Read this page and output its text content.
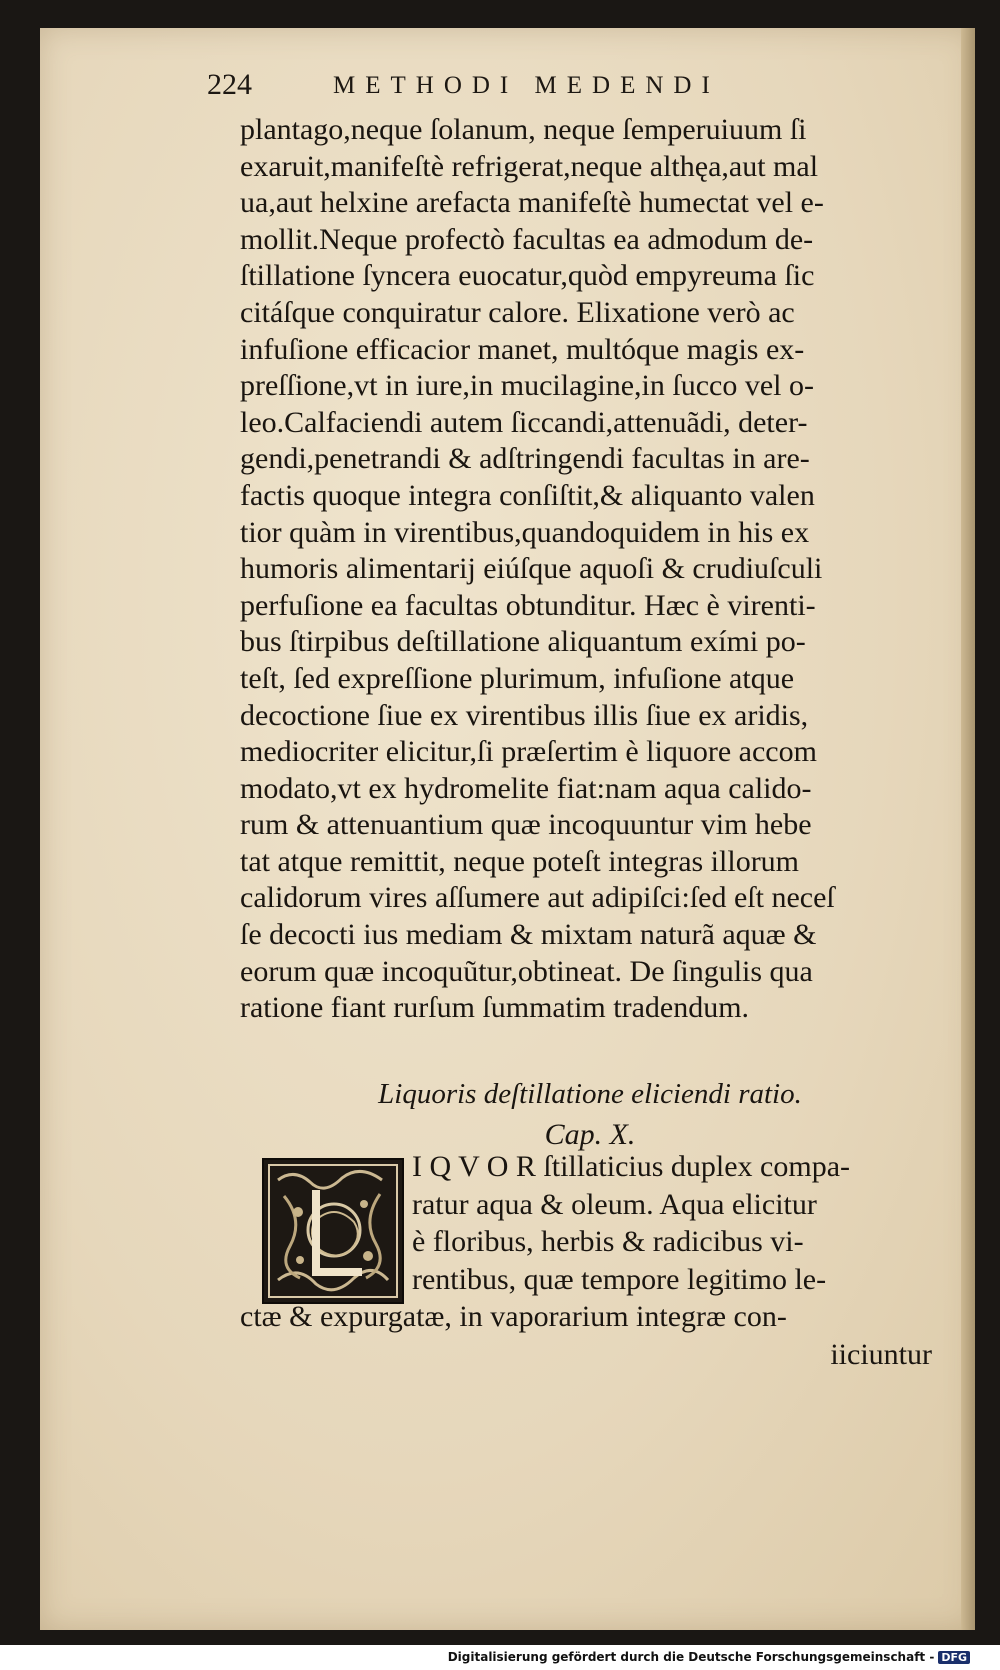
224	METHODI MEDENDI
plantago,neque ſolanum, neque ſemperuiuum ſi
exaruit,manifeſtè refrigerat,neque althęa,aut mal
ua,aut helxine arefacta manifeſtè humectat vel e-
mollit.Neque profectò facultas ea admodum de-
ſtillatione ſyncera euocatur,quòd empyreuma ſic
citáſque conquiratur calore. Elixatione verò ac
infuſione efficacior manet, multóque magis ex-
preſſione,vt in iure,in mucilagine,in ſucco vel o-
leo.Calfaciendi autem ſiccandi,attenuãdi, deter-
gendi,penetrandi & adſtringendi facultas in are-
factis quoque integra conſiſtit,& aliquanto valen
tior quàm in virentibus,quandoquidem in his ex
humoris alimentarij eiúſque aquoſi & crudiuſculi
perfuſione ea facultas obtunditur. Hæc è virenti-
bus ſtirpibus deſtillatione aliquantum exími po-
teſt, ſed expreſſione plurimum, infuſione atque
decoctione ſiue ex virentibus illis ſiue ex aridis,
mediocriter elicitur,ſi præſertim è liquore accom
modato,vt ex hydromelite fiat:nam aqua calido-
rum & attenuantium quæ incoquuntur vim hebe
tat atque remittit, neque poteſt integras illorum
calidorum vires aſſumere aut adipiſci:ſed eſt neceſ
ſe decocti ius mediam & mixtam naturã aquæ &
eorum quæ incoquũtur,obtineat. De ſingulis qua
ratione fiant rurſum ſummatim tradendum.
Liquoris deſtillatione eliciendi ratio.
Cap. X.
I Q V O R ſtillaticius duplex compa-
ratur aqua & oleum. Aqua elicitur
è floribus, herbis & radicibus vi-
rentibus, quæ tempore legitimo le-
ctæ & expurgatæ, in vaporarium integræ con-
iiciuntur
Digitalisierung gefördert durch die Deutsche Forschungsgemeinschaft - DFG
